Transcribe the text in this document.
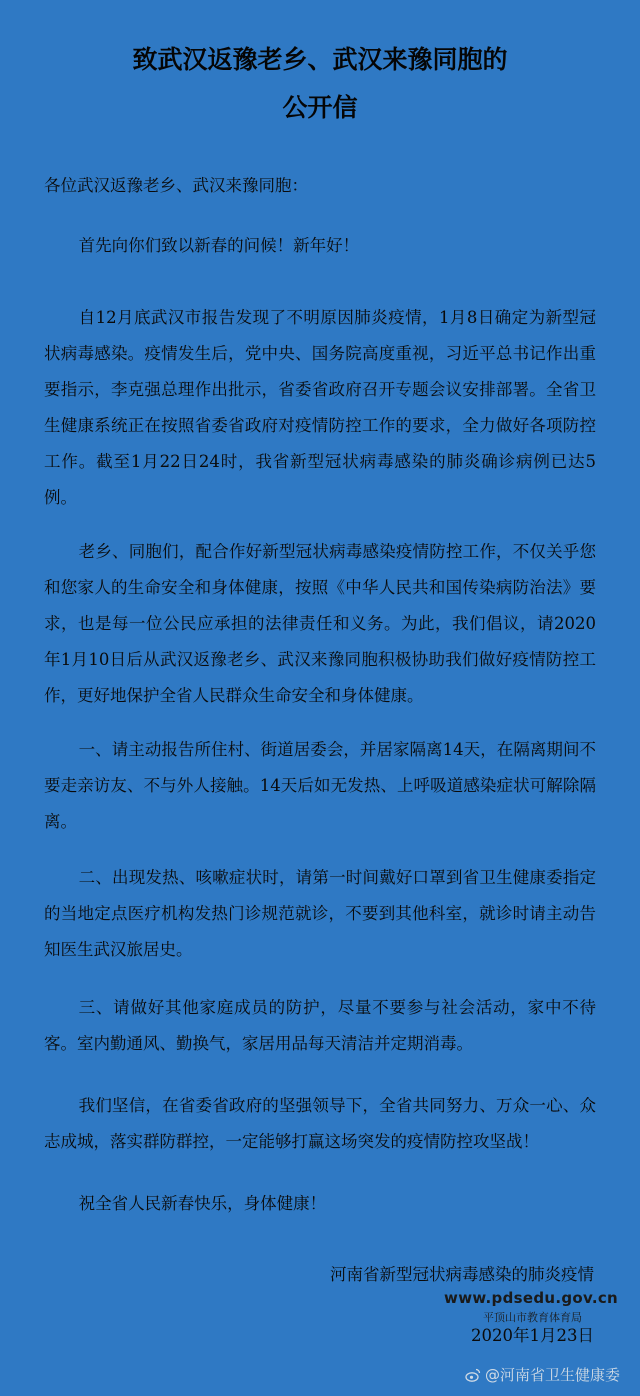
致武汉返豫老乡、武汉来豫同胞的
公开信

各位武汉返豫老乡、武汉来豫同胞：

首先向你们致以新春的问候！新年好！

自12月底武汉市报告发现了不明原因肺炎疫情，1月8日确定为新型冠状病毒感染。疫情发生后，党中央、国务院高度重视，习近平总书记作出重要指示，李克强总理作出批示，省委省政府召开专题会议安排部署。全省卫生健康系统正在按照省委省政府对疫情防控工作的要求，全力做好各项防控工作。截至1月22日24时，我省新型冠状病毒感染的肺炎确诊病例已达5例。

老乡、同胞们，配合作好新型冠状病毒感染疫情防控工作，不仅关乎您和您家人的生命安全和身体健康，按照《中华人民共和国传染病防治法》要求，也是每一位公民应承担的法律责任和义务。为此，我们倡议，请2020年1月10日后从武汉返豫老乡、武汉来豫同胞积极协助我们做好疫情防控工作，更好地保护全省人民群众生命安全和身体健康。

一、请主动报告所住村、街道居委会，并居家隔离14天，在隔离期间不要走亲访友、不与外人接触。14天后如无发热、上呼吸道感染症状可解除隔离。

二、出现发热、咳嗽症状时，请第一时间戴好口罩到省卫生健康委指定的当地定点医疗机构发热门诊规范就诊，不要到其他科室，就诊时请主动告知医生武汉旅居史。

三、请做好其他家庭成员的防护，尽量不要参与社会活动，家中不待客。室内勤通风、勤换气，家居用品每天清洁并定期消毒。

我们坚信，在省委省政府的坚强领导下，全省共同努力、万众一心、众志成城，落实群防群控，一定能够打赢这场突发的疫情防控攻坚战！

祝全省人民新春快乐，身体健康！

河南省新型冠状病毒感染的肺炎疫情
www.pdsedu.gov.cn
平顶山市教育体育局
2020年1月23日
@河南省卫生健康委
